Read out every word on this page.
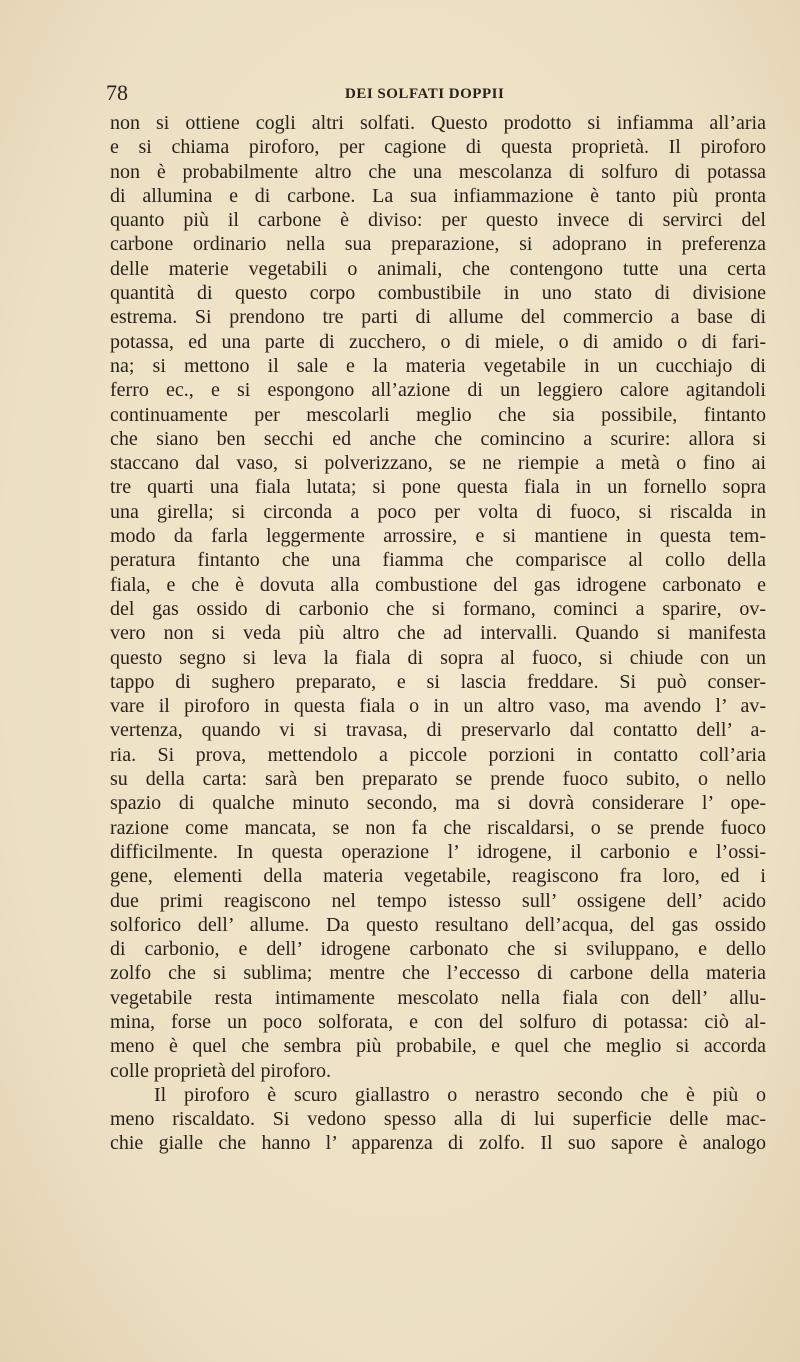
78	DEI SOLFATI DOPPII
non si ottiene cogli altri solfati. Questo prodotto si infiamma all’aria
e si chiama piroforo, per cagione di questa proprietà. Il piroforo
non è probabilmente altro che una mescolanza di solfuro di potassa
di allumina e di carbone. La sua infiammazione è tanto più pronta
quanto più il carbone è diviso: per questo invece di servirci del
carbone ordinario nella sua preparazione, si adoprano in preferenza
delle materie vegetabili o animali, che contengono tutte una certa
quantità di questo corpo combustibile in uno stato di divisione
estrema. Si prendono tre parti di allume del commercio a base di
potassa, ed una parte di zucchero, o di miele, o di amido o di fari-
na; si mettono il sale e la materia vegetabile in un cucchiajo di
ferro ec., e si espongono all’azione di un leggiero calore agitandoli
continuamente per mescolarli meglio che sia possibile, fintanto
che siano ben secchi ed anche che comincino a scurire: allora si
staccano dal vaso, si polverizzano, se ne riempie a metà o fino ai
tre quarti una fiala lutata; si pone questa fiala in un fornello sopra
una girella; si circonda a poco per volta di fuoco, si riscalda in
modo da farla leggermente arrossire, e si mantiene in questa tem-
peratura fintanto che una fiamma che comparisce al collo della
fiala, e che è dovuta alla combustione del gas idrogene carbonato e
del gas ossido di carbonio che si formano, cominci a sparire, ov-
vero non si veda più altro che ad intervalli. Quando si manifesta
questo segno si leva la fiala di sopra al fuoco, si chiude con un
tappo di sughero preparato, e si lascia freddare. Si può conser-
vare il piroforo in questa fiala o in un altro vaso, ma avendo l’ av-
vertenza, quando vi si travasa, di preservarlo dal contatto dell’ a-
ria. Si prova, mettendolo a piccole porzioni in contatto coll’aria
su della carta: sarà ben preparato se prende fuoco subito, o nello
spazio di qualche minuto secondo, ma si dovrà considerare l’ ope-
razione come mancata, se non fa che riscaldarsi, o se prende fuoco
difficilmente. In questa operazione l’ idrogene, il carbonio e l’ossi-
gene, elementi della materia vegetabile, reagiscono fra loro, ed i
due primi reagiscono nel tempo istesso sull’ ossigene dell’ acido
solforico dell’ allume. Da questo resultano dell’acqua, del gas ossido
di carbonio, e dell’ idrogene carbonato che si sviluppano, e dello
zolfo che si sublima; mentre che l’eccesso di carbone della materia
vegetabile resta intimamente mescolato nella fiala con dell’ allu-
mina, forse un poco solforata, e con del solfuro di potassa: ciò al-
meno è quel che sembra più probabile, e quel che meglio si accorda
colle proprietà del piroforo.
Il piroforo è scuro giallastro o nerastro secondo che è più o
meno riscaldato. Si vedono spesso alla di lui superficie delle mac-
chie gialle che hanno l’ apparenza di zolfo. Il suo sapore è analogo
